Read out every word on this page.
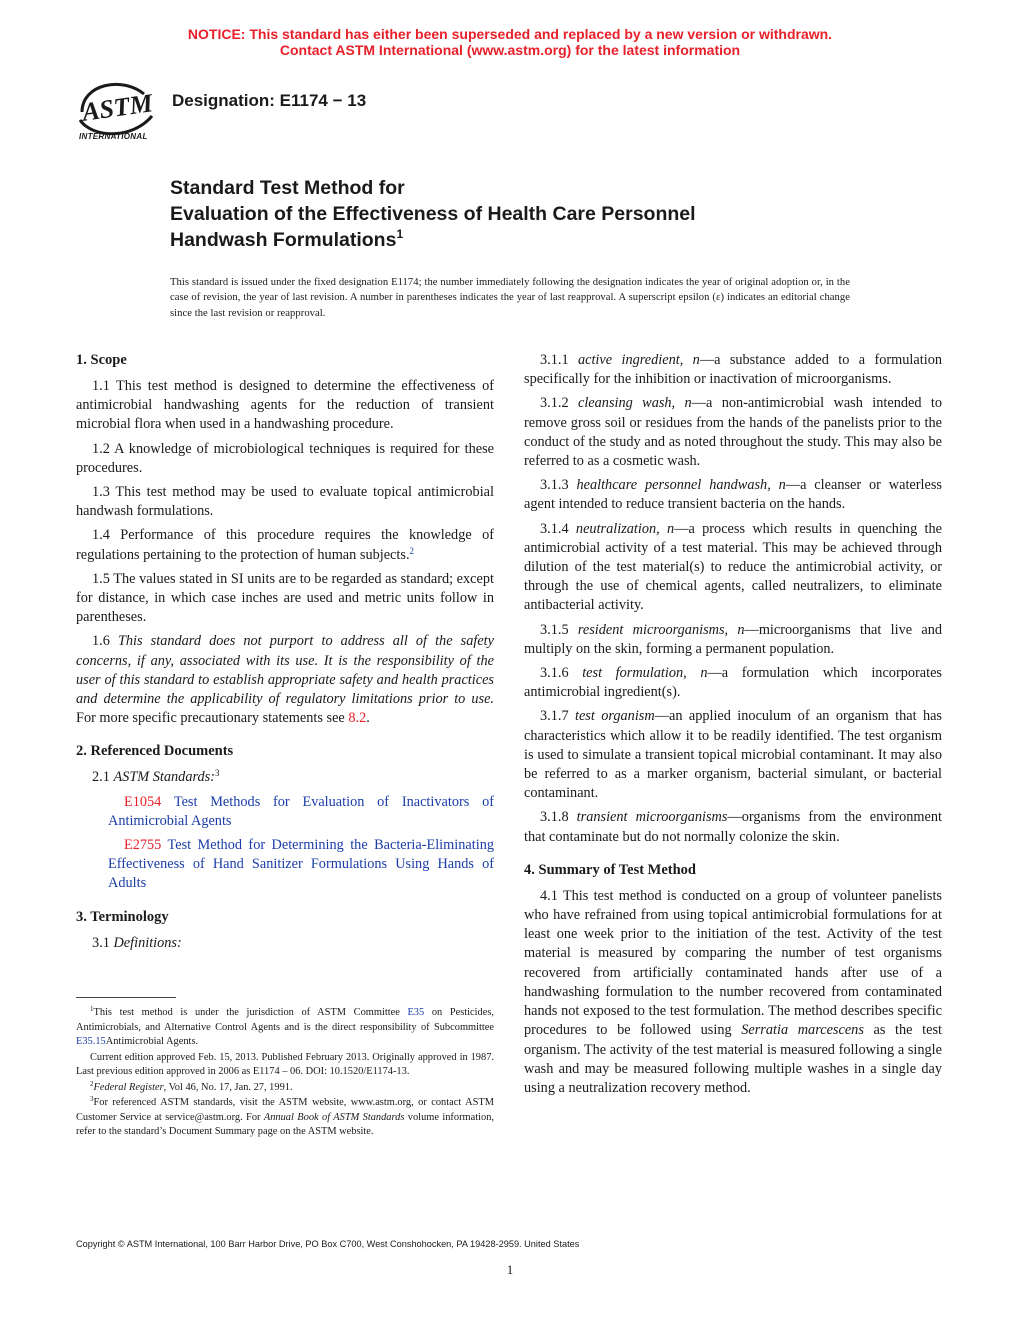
NOTICE: This standard has either been superseded and replaced by a new version or withdrawn.
Contact ASTM International (www.astm.org) for the latest information
ASTM
INTERNATIONAL
Designation: E1174 − 13
Standard Test Method for
Evaluation of the Effectiveness of Health Care Personnel
Handwash Formulations$^1$
This standard is issued under the fixed designation E1174; the number immediately following the designation indicates the year of original adoption or, in the case of revision, the year of last revision. A number in parentheses indicates the year of last reapproval. A superscript epsilon (ε) indicates an editorial change since the last revision or reapproval.
1. Scope

1.1 This test method is designed to determine the effectiveness of antimicrobial handwashing agents for the reduction of transient microbial flora when used in a handwashing procedure.

1.2 A knowledge of microbiological techniques is required for these procedures.

1.3 This test method may be used to evaluate topical antimicrobial handwash formulations.

1.4 Performance of this procedure requires the knowledge of regulations pertaining to the protection of human subjects.$^2$

1.5 The values stated in SI units are to be regarded as standard; except for distance, in which case inches are used and metric units follow in parentheses.

1.6 This standard does not purport to address all of the safety concerns, if any, associated with its use. It is the responsibility of the user of this standard to establish appropriate safety and health practices and determine the applicability of regulatory limitations prior to use. For more specific precautionary statements see 8.2.

2. Referenced Documents

2.1 ASTM Standards:$^3$

E1054 Test Methods for Evaluation of Inactivators of Antimicrobial Agents

E2755 Test Method for Determining the Bacteria-Eliminating Effectiveness of Hand Sanitizer Formulations Using Hands of Adults

3. Terminology

3.1 Definitions:

$^1$This test method is under the jurisdiction of ASTM Committee E35 on Pesticides, Antimicrobials, and Alternative Control Agents and is the direct responsibility of Subcommittee E35.15Antimicrobial Agents.

Current edition approved Feb. 15, 2013. Published February 2013. Originally approved in 1987. Last previous edition approved in 2006 as E1174 – 06. DOI: 10.1520/E1174-13.

$^2$Federal Register, Vol 46, No. 17, Jan. 27, 1991.

$^3$For referenced ASTM standards, visit the ASTM website, www.astm.org, or contact ASTM Customer Service at service@astm.org. For Annual Book of ASTM Standards volume information, refer to the standard’s Document Summary page on the ASTM website.

3.1.1 active ingredient, n—a substance added to a formulation specifically for the inhibition or inactivation of microorganisms.

3.1.2 cleansing wash, n—a non-antimicrobial wash intended to remove gross soil or residues from the hands of the panelists prior to the conduct of the study and as noted throughout the study. This may also be referred to as a cosmetic wash.

3.1.3 healthcare personnel handwash, n—a cleanser or waterless agent intended to reduce transient bacteria on the hands.

3.1.4 neutralization, n—a process which results in quenching the antimicrobial activity of a test material. This may be achieved through dilution of the test material(s) to reduce the antimicrobial activity, or through the use of chemical agents, called neutralizers, to eliminate antibacterial activity.

3.1.5 resident microorganisms, n—microorganisms that live and multiply on the skin, forming a permanent population.

3.1.6 test formulation, n—a formulation which incorporates antimicrobial ingredient(s).

3.1.7 test organism—an applied inoculum of an organism that has characteristics which allow it to be readily identified. The test organism is used to simulate a transient topical microbial contaminant. It may also be referred to as a marker organism, bacterial simulant, or bacterial contaminant.

3.1.8 transient microorganisms—organisms from the environment that contaminate but do not normally colonize the skin.

4. Summary of Test Method

4.1 This test method is conducted on a group of volunteer panelists who have refrained from using topical antimicrobial formulations for at least one week prior to the initiation of the test. Activity of the test material is measured by comparing the number of test organisms recovered from artificially contaminated hands after use of a handwashing formulation to the number recovered from contaminated hands not exposed to the test formulation. The method describes specific procedures to be followed using Serratia marcescens as the test organism. The activity of the test material is measured following a single wash and may be measured following multiple washes in a single day using a neutralization recovery method.

Copyright © ASTM International, 100 Barr Harbor Drive, PO Box C700, West Conshohocken, PA 19428-2959. United States
1
